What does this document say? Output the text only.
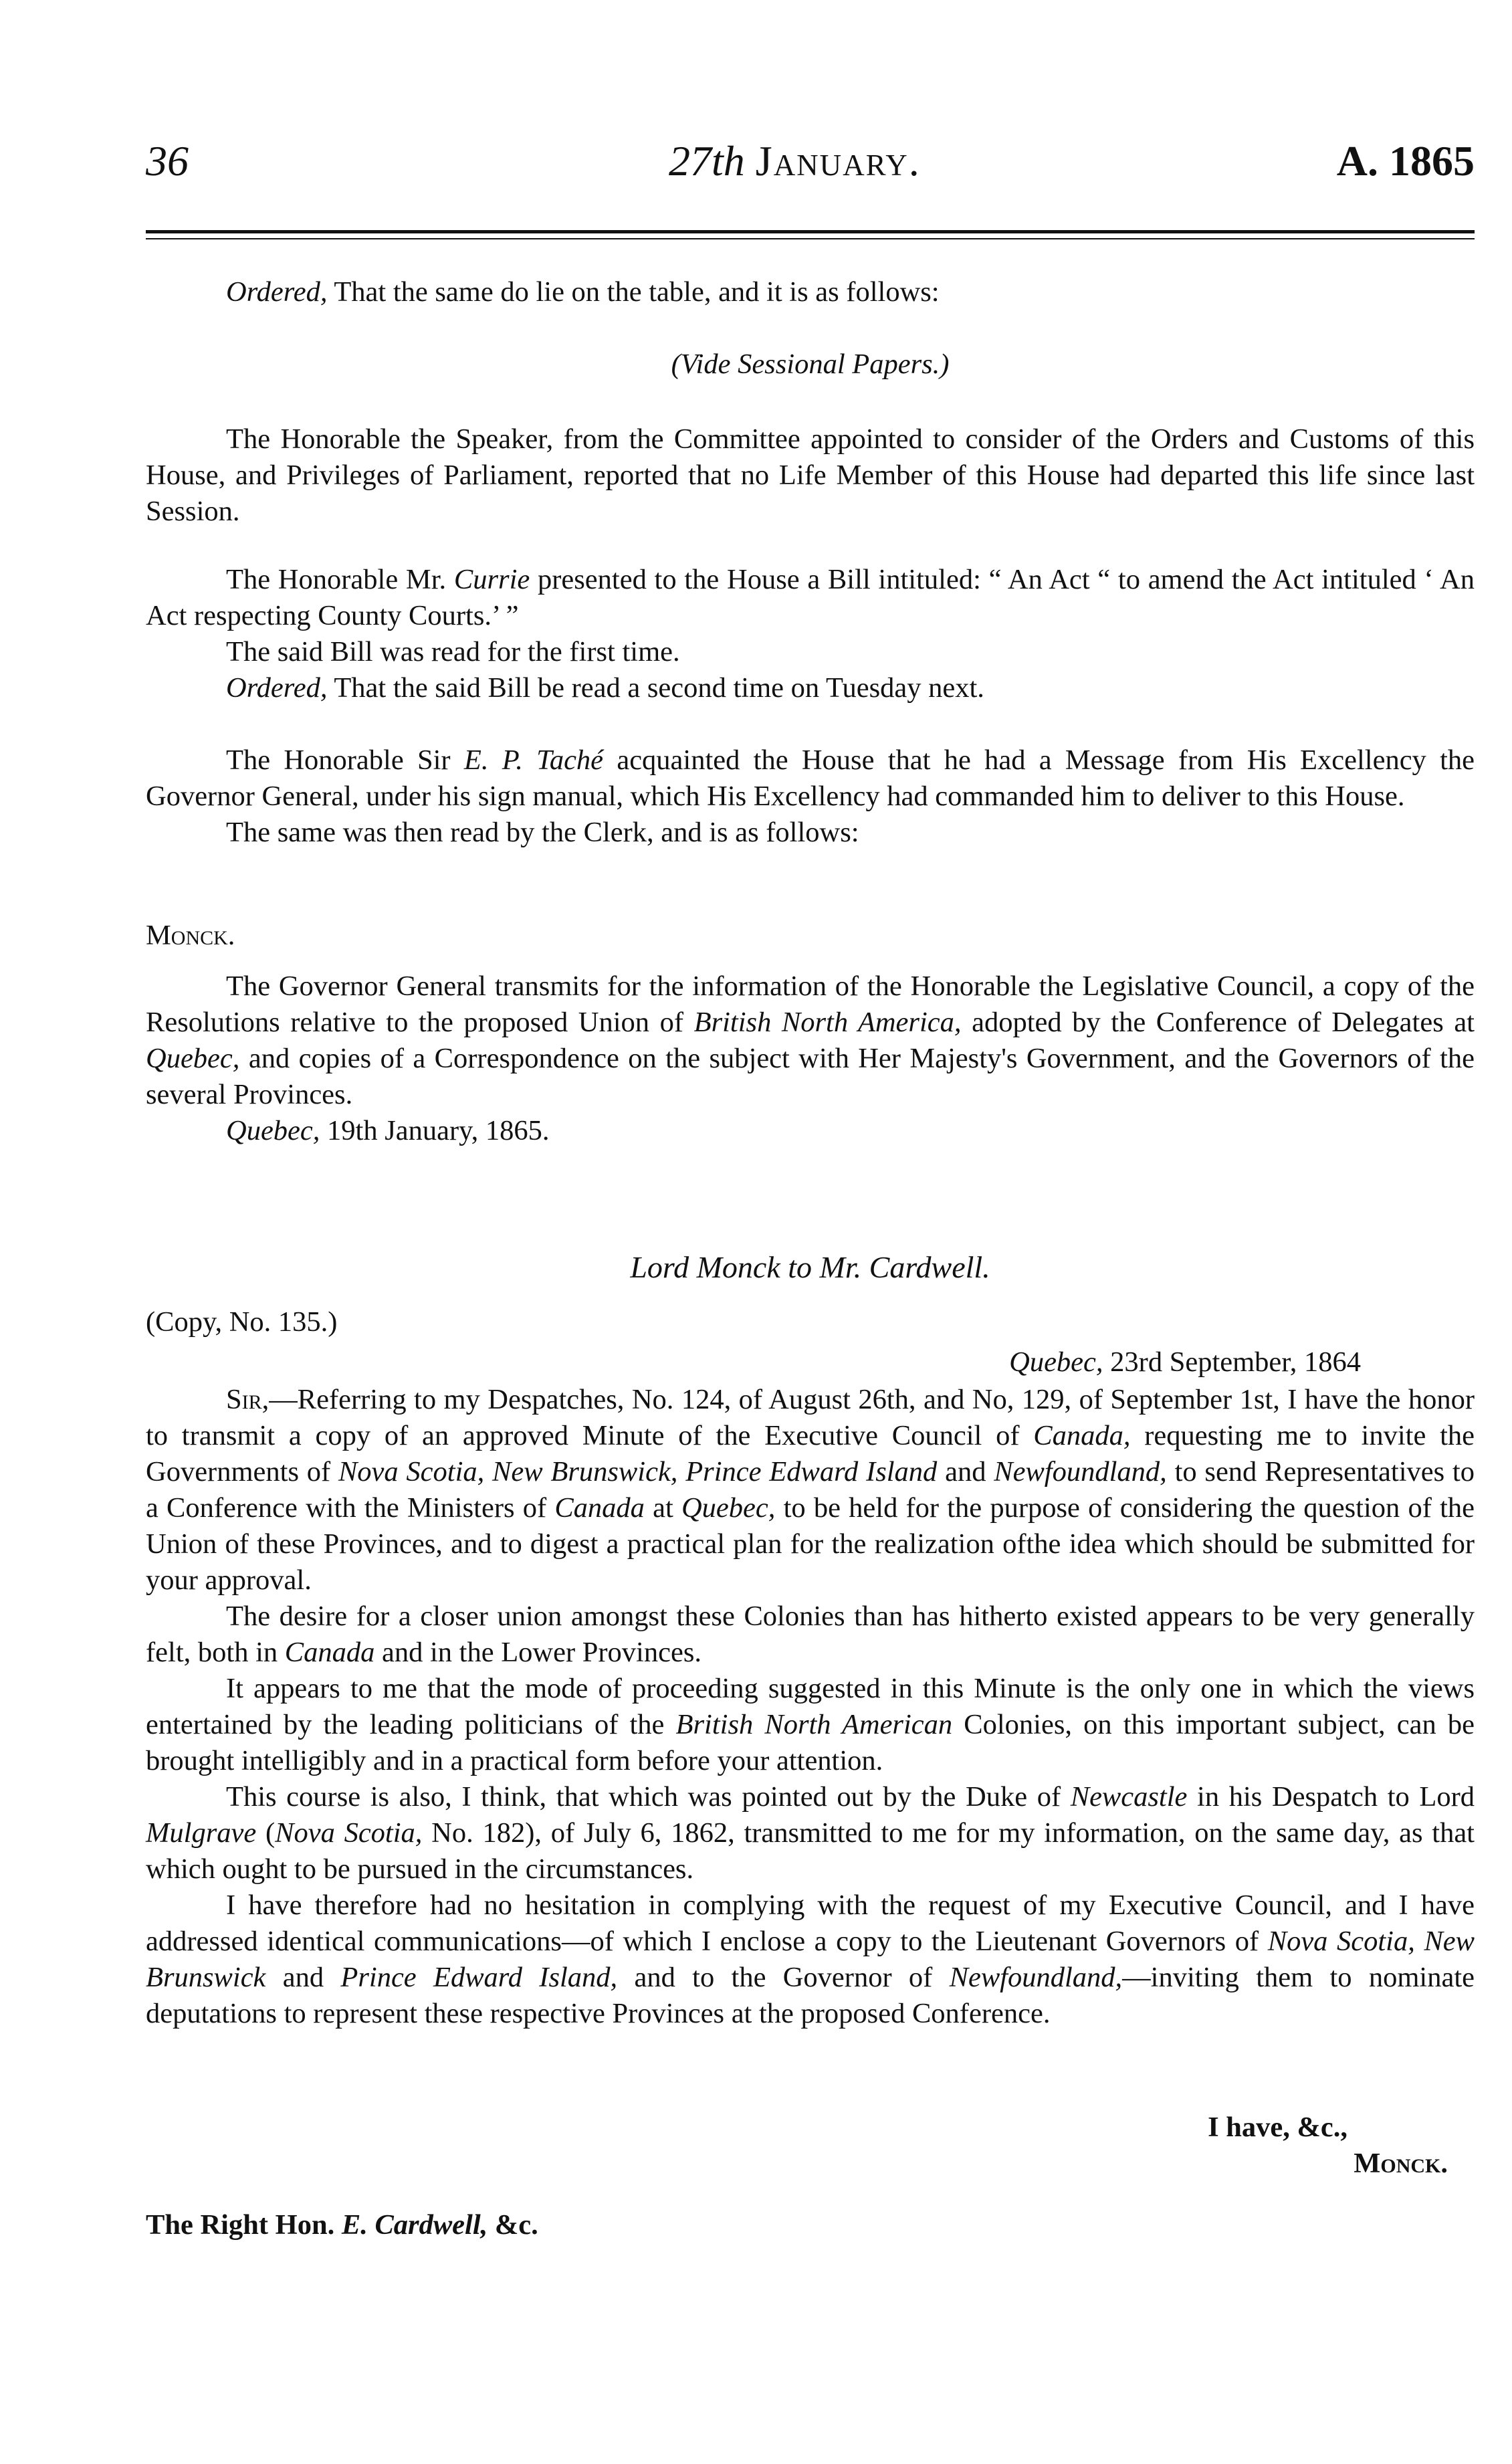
36	27th January.	A. 1865

Ordered, That the same do lie on the table, and it is as follows:

(Vide Sessional Papers.)

The Honorable the Speaker, from the Committee appointed to consider of the Orders and Customs of this House, and Privileges of Parliament, reported that no Life Member of this House had departed this life since last Session.

The Honorable Mr. Currie presented to the House a Bill intituled: “ An Act “ to amend the Act intituled ‘ An Act respecting County Courts.’ ”

The said Bill was read for the first time.

Ordered, That the said Bill be read a second time on Tuesday next.

The Honorable Sir E. P. Taché acquainted the House that he had a Message from His Excellency the Governor General, under his sign manual, which His Excellency had commanded him to deliver to this House.

The same was then read by the Clerk, and is as follows:

Monck.

The Governor General transmits for the information of the Honorable the Legislative Council, a copy of the Resolutions relative to the proposed Union of British North America, adopted by the Conference of Delegates at Quebec, and copies of a Correspondence on the subject with Her Majesty's Government, and the Governors of the several Provinces.

Quebec, 19th January, 1865.

Lord Monck to Mr. Cardwell.

(Copy, No. 135.)

Quebec, 23rd September, 1864

Sir,—Referring to my Despatches, No. 124, of August 26th, and No, 129, of September 1st, I have the honor to transmit a copy of an approved Minute of the Executive Council of Canada, requesting me to invite the Governments of Nova Scotia, New Brunswick, Prince Edward Island and Newfoundland, to send Representatives to a Conference with the Ministers of Canada at Quebec, to be held for the purpose of considering the question of the Union of these Provinces, and to digest a practical plan for the realization ofthe idea which should be submitted for your approval.

The desire for a closer union amongst these Colonies than has hitherto existed appears to be very generally felt, both in Canada and in the Lower Provinces.

It appears to me that the mode of proceeding suggested in this Minute is the only one in which the views entertained by the leading politicians of the British North American Colonies, on this important subject, can be brought intelligibly and in a practical form before your attention.

This course is also, I think, that which was pointed out by the Duke of Newcastle in his Despatch to Lord Mulgrave (Nova Scotia, No. 182), of July 6, 1862, transmitted to me for my information, on the same day, as that which ought to be pursued in the circumstances.

I have therefore had no hesitation in complying with the request of my Executive Council, and I have addressed identical communications—of which I enclose a copy to the Lieutenant Governors of Nova Scotia, New Brunswick and Prince Edward Island, and to the Governor of Newfoundland,—inviting them to nominate deputations to represent these respective Provinces at the proposed Conference.

I have, &c.,

Monck.

The Right Hon. E. Cardwell, &c.
